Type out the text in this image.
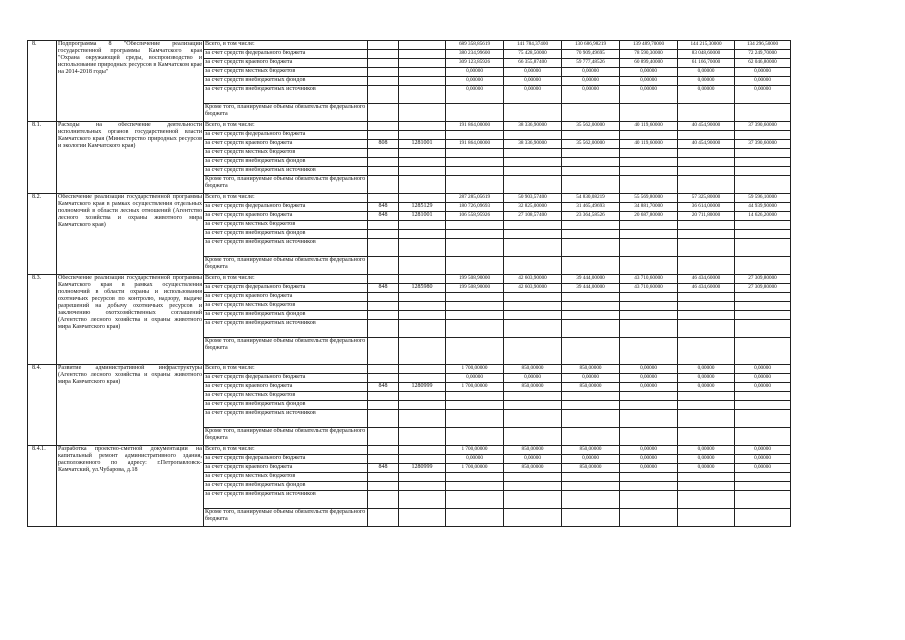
8.	Подпрограмма 8 "Обеспечение реализации государственной программы Камчатского края "Охрана окружающей среды, воспроизводство и использование природных ресурсов в Камчатском крае на 2014-2018 годы"	Всего, в том числе:			689 358,85619	141 784,37400	130 686,98219	139 489,70000	144 215,30000	134 296,50000
		за счет средств федерального бюджета			380 234,99600	75 428,50000	70 909,49695	78 590,30000	83 048,60000	72 249,70000
		за счет средств краевого бюджета			309 123,85926	66 355,87400	59 777,48526	60 899,40000	61 166,70000	62 046,80000
		за счет средств местных бюджетов			0,00000	0,00000	0,00000	0,00000	0,00000	0,00000
		за счет средств внебюджетных фондов			0,00000	0,00000	0,00000	0,00000	0,00000	0,00000
		за счет средств внебюджетных источников			0,00000	0,00000	0,00000	0,00000	0,00000	0,00000
		Кроме того, планируемые объемы обязательств федерального бюджета								
8.1.	Расходы на обеспечение деятельности исполнительных органов государственной власти Камчатского края (Министерство природных ресурсов и экологии Камчатского края)	Всего, в том числе:			191 864,00000	38 336,90000	35 562,00000	40 119,60000	40 454,90000	37 390,60000
		за счет средств федерального бюджета								
		за счет средств краевого бюджета	808	1281001	191 864,00000	38 336,90000	35 562,00000	40 119,60000	40 454,90000	37 390,60000
		за счет средств местных бюджетов								
		за счет средств внебюджетных фондов								
		за счет средств внебюджетных источников								
		Кроме того, планируемые объемы обязательств федерального бюджета								
8.2.	Обеспечение реализации государственной программы Камчатского края в рамках осуществления отдельных полномочий в области лесных отношений (Агентство лесного хозяйства и охраны животного мира Камчатского края)	Всего, в том числе:			287 285,05619	50 903,57400	54 830,08219	55 569,80000	57 325,80000	59 596,10000
		за счет средств федерального бюджета	848	1285129	180 726,09693	32 825,00000	31 465,49693	34 881,70000	36 614,00000	44 939,90000
		за счет средств краевого бюджета	848	1281001	106 558,95926	27 108,57400	23 364,58526	20 687,80000	20 711,80000	14 626,20000
		за счет средств местных бюджетов								
		за счет средств внебюджетных фондов								
		за счет средств внебюджетных источников								
		Кроме того, планируемые объемы обязательств федерального бюджета								
8.3.	Обеспечение реализации государственной программы Камчатского края в рамках осуществления полномочий в области охраны и использования охотничьих ресурсов по контролю, надзору, выдаче разрешений на добычу охотничьих ресурсов и заключению охотхозяйственных соглашений (Агентство лесного хозяйства и охраны животного мира Камчатского края)	Всего, в том числе:			199 508,90000	42 603,90000	39 444,00000	43 710,60000	46 434,60000	27 309,80000
		за счет средств федерального бюджета	848	1285980	199 508,90000	42 603,90000	39 444,00000	43 710,60000	46 434,60000	27 309,80000
		за счет средств краевого бюджета								
		за счет средств местных бюджетов								
		за счет средств внебюджетных фондов								
		за счет средств внебюджетных источников								
		Кроме того, планируемые объемы обязательств федерального бюджета								
8.4.	Развитие административной инфраструктуры (Агентство лесного хозяйства и охраны животного мира Камчатского края)	Всего, в том числе:			1 700,00000	850,00000	850,00000	0,00000	0,00000	0,00000
		за счет средств федерального бюджета			0,00000	0,00000	0,00000	0,00000	0,00000	0,00000
		за счет средств краевого бюджета	848	1280999	1 700,00000	850,00000	850,00000	0,00000	0,00000	0,00000
		за счет средств местных бюджетов								
		за счет средств внебюджетных фондов								
		за счет средств внебюджетных источников								
		Кроме того, планируемые объемы обязательств федерального бюджета								
8.4.1.	Разработка проектно-сметной документации на капитальный ремонт административного здания, расположенного по адресу: г.Петропавловск-Камчатский, ул.Чубарова, д.18	Всего, в том числе:			1 700,00000	850,00000	850,00000	0,00000	0,00000	0,00000
		за счет средств федерального бюджета			0,00000	0,00000	0,00000	0,00000	0,00000	0,00000
		за счет средств краевого бюджета	848	1280999	1 700,00000	850,00000	850,00000	0,00000	0,00000	0,00000
		за счет средств местных бюджетов								
		за счет средств внебюджетных фондов								
		за счет средств внебюджетных источников								
		Кроме того, планируемые объемы обязательств федерального бюджета								
